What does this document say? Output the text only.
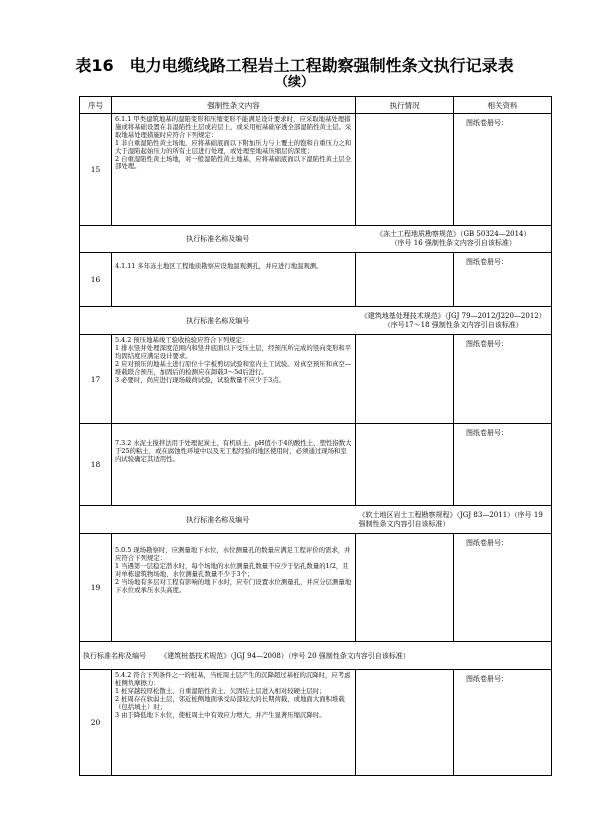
表16　电力电缆线路工程岩土工程勘察强制性条文执行记录表
（续）
序号	强制性条文内容	执行情况	相关资料
15	6.1.1 甲类建筑地基的湿陷变形和压缩变形不能满足设计要求时，应采取地基处理措施或将基础设置在非湿陷性土层或岩层上，或采用桩基础穿透全部湿陷性黄土层。采取地基处理措施时应符合下列规定：
1 非自重湿陷性黄土场地，应将基础底面以下附加压力与上覆土的饱和自重压力之和大于湿陷起始压力的所有土层进行处理，或处理至地基压缩层的深度；
2 自重湿陷性黄土场地，对一般湿陷性黄土地基，应将基础底面以下湿陷性黄土层全部处理。		图纸卷册号：
执行标准名称及编号		《冻土工程地质勘察规范》（GB 50324—2014）
（序号 16 强制性条文内容引自该标准）	
16	4.1.11 多年冻土地区工程地质勘察应设地温观测孔，并应进行地温观测。		图纸卷册号：
执行标准名称及编号		《建筑地基处理技术规范》（JGJ 79—2012/J220—2012）
（序号17～18 强制性条文内容引自该标准）	
17	5.4.2 预压地基竣工验收检验应符合下列规定：
1 排水竖井处理深度范围内和竖井底面以下受压土层，经预压所完成的竖向变形和平均固结度应满足设计要求。
2 应对预压的地基土进行原位十字板剪切试验和室内土工试验。对真空预压和真空—堆载联合预压，加固后的检测应在卸载3～5d后进行。
3 必要时，尚应进行现场载荷试验，试验数量不应少于3点。		图纸卷册号：
18	7.3.2 水泥土搅拌法用于处理泥炭土、有机质土、pH值小于4的酸性土、塑性指数大于25的粘土，或在腐蚀性环境中以及无工程经验的地区使用时，必须通过现场和室内试验确定其适用性。		图纸卷册号：
执行标准名称及编号		《软土地区岩土工程勘察规程》（JGJ 83—2011）（序号 19 强制性条文内容引自该标准）	
19	5.0.5 现场勘察时，应测量地下水位，水位测量孔的数量应满足工程评价的需求，并应符合下列规定：
1 当遇第一层稳定潜水时，每个场地的水位测量孔数量不应少于钻孔数量的1/2，且对单栋建筑物场地，水位测量孔数量不少于3个；
2 当场地有多层对工程有影响的地下水时，应专门设置水位测量孔，并应分层测量地下水位或承压水头高度。		图纸卷册号：
执行标准名称及编号 《建筑桩基技术规范》（JGJ 94—2008）（序号 20 强制性条文内容引自该标准）			
20	5.4.2 符合下列条件之一的桩基，当桩周土层产生的沉降超过基桩的沉降时，应考虑桩侧负摩擦力：
1 桩穿越较厚松散土、自重湿陷性黄土、欠固结土层进入相对较硬土层时；
2 桩周存在软弱土层，邻近桩侧地面承受局部较大的长期荷载，或地面大面积堆载（包括填土）时；
3 由于降低地下水位，使桩周土中有效应力增大，并产生显著压缩沉降时。		图纸卷册号：
